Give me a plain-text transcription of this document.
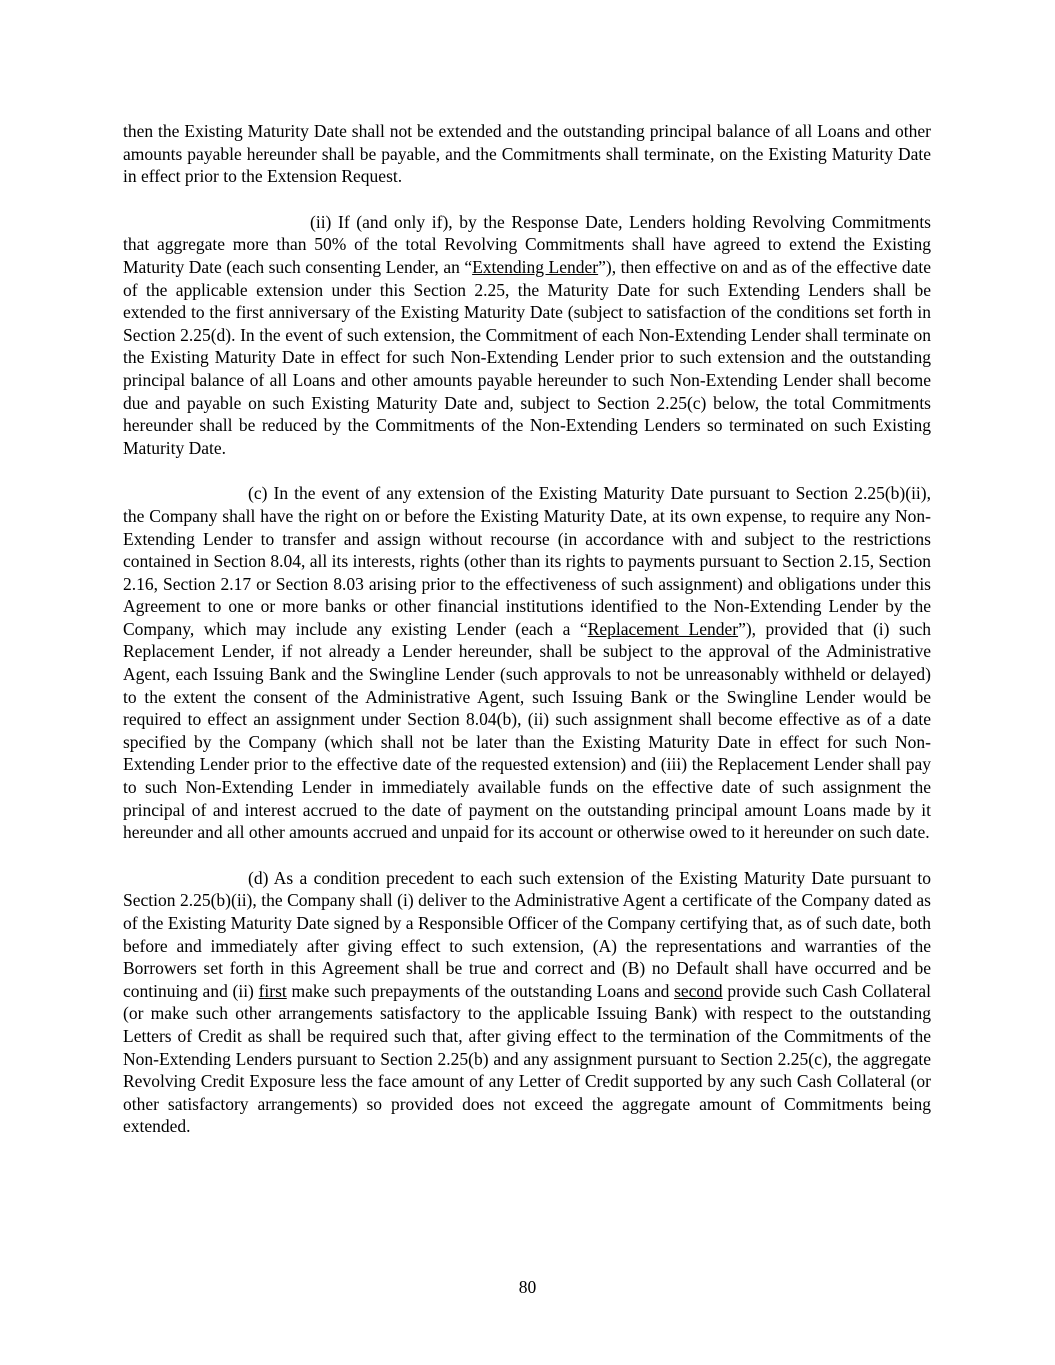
then the Existing Maturity Date shall not be extended and the outstanding principal balance of all Loans and other amounts payable hereunder shall be payable, and the Commitments shall terminate, on the Existing Maturity Date in effect prior to the Extension Request.

(ii) If (and only if), by the Response Date, Lenders holding Revolving Commitments that aggregate more than 50% of the total Revolving Commitments shall have agreed to extend the Existing Maturity Date (each such consenting Lender, an “Extending Lender”), then effective on and as of the effective date of the applicable extension under this Section 2.25, the Maturity Date for such Extending Lenders shall be extended to the first anniversary of the Existing Maturity Date (subject to satisfaction of the conditions set forth in Section 2.25(d). In the event of such extension, the Commitment of each Non-Extending Lender shall terminate on the Existing Maturity Date in effect for such Non-Extending Lender prior to such extension and the outstanding principal balance of all Loans and other amounts payable hereunder to such Non-Extending Lender shall become due and payable on such Existing Maturity Date and, subject to Section 2.25(c) below, the total Commitments hereunder shall be reduced by the Commitments of the Non-Extending Lenders so terminated on such Existing Maturity Date.

(c) In the event of any extension of the Existing Maturity Date pursuant to Section 2.25(b)(ii), the Company shall have the right on or before the Existing Maturity Date, at its own expense, to require any Non-Extending Lender to transfer and assign without recourse (in accordance with and subject to the restrictions contained in Section 8.04, all its interests, rights (other than its rights to payments pursuant to Section 2.15, Section 2.16, Section 2.17 or Section 8.03 arising prior to the effectiveness of such assignment) and obligations under this Agreement to one or more banks or other financial institutions identified to the Non-Extending Lender by the Company, which may include any existing Lender (each a “Replacement Lender”), provided that (i) such Replacement Lender, if not already a Lender hereunder, shall be subject to the approval of the Administrative Agent, each Issuing Bank and the Swingline Lender (such approvals to not be unreasonably withheld or delayed) to the extent the consent of the Administrative Agent, such Issuing Bank or the Swingline Lender would be required to effect an assignment under Section 8.04(b), (ii) such assignment shall become effective as of a date specified by the Company (which shall not be later than the Existing Maturity Date in effect for such Non-Extending Lender prior to the effective date of the requested extension) and (iii) the Replacement Lender shall pay to such Non-Extending Lender in immediately available funds on the effective date of such assignment the principal of and interest accrued to the date of payment on the outstanding principal amount Loans made by it hereunder and all other amounts accrued and unpaid for its account or otherwise owed to it hereunder on such date.

(d) As a condition precedent to each such extension of the Existing Maturity Date pursuant to Section 2.25(b)(ii), the Company shall (i) deliver to the Administrative Agent a certificate of the Company dated as of the Existing Maturity Date signed by a Responsible Officer of the Company certifying that, as of such date, both before and immediately after giving effect to such extension, (A) the representations and warranties of the Borrowers set forth in this Agreement shall be true and correct and (B) no Default shall have occurred and be continuing and (ii) first make such prepayments of the outstanding Loans and second provide such Cash Collateral (or make such other arrangements satisfactory to the applicable Issuing Bank) with respect to the outstanding Letters of Credit as shall be required such that, after giving effect to the termination of the Commitments of the Non-Extending Lenders pursuant to Section 2.25(b) and any assignment pursuant to Section 2.25(c), the aggregate Revolving Credit Exposure less the face amount of any Letter of Credit supported by any such Cash Collateral (or other satisfactory arrangements) so provided does not exceed the aggregate amount of Commitments being extended.

80
